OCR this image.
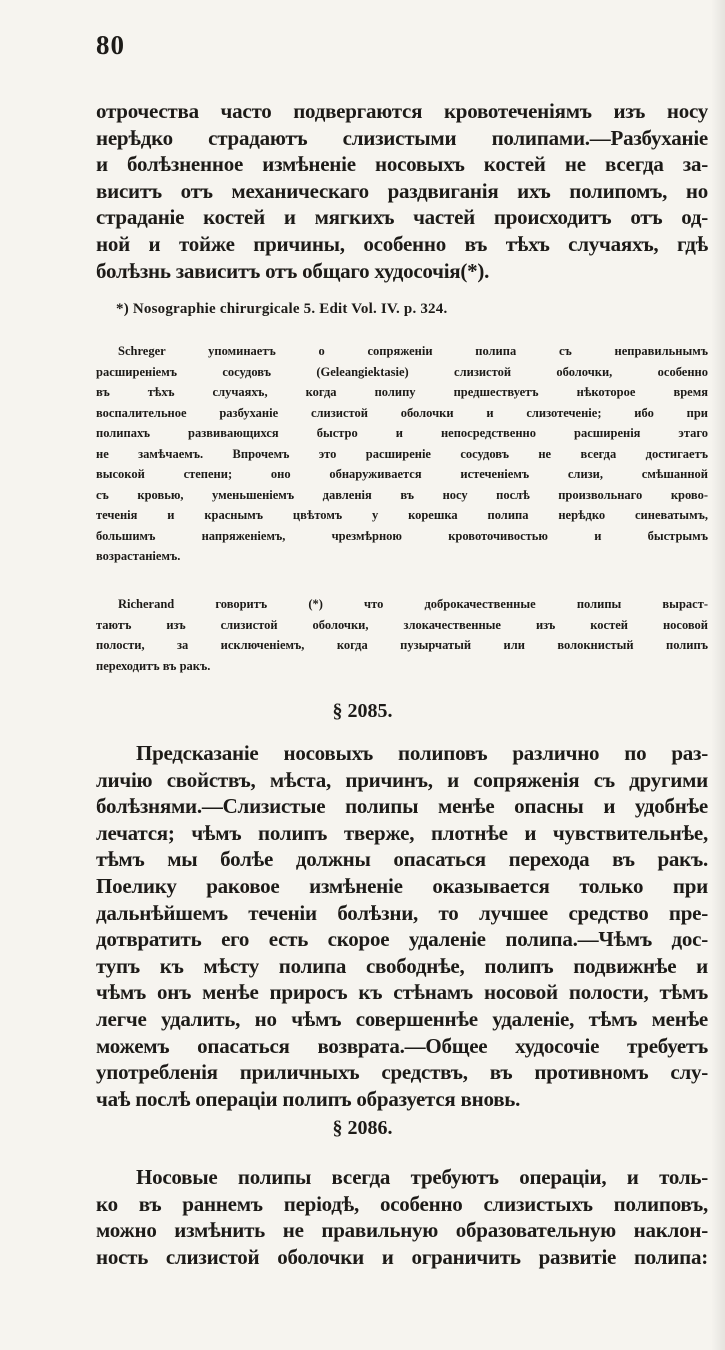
80
отрочества часто подвергаются кровотеченіямъ изъ носу
нерѣдко страдаютъ слизистыми полипами.—Разбуханіе
и болѣзненное измѣненіе носовыхъ костей не всегда за-
виситъ отъ механическаго раздвиганія ихъ полипомъ, но
страданіе костей и мягкихъ частей происходитъ отъ од-
ной и тойже причины, особенно въ тѣхъ случаяхъ, гдѣ
болѣзнь зависитъ отъ общаго худосочія(*).
*) Nosographie chirurgicale 5. Edit Vol. IV. p. 324.
Schreger упоминаетъ о сопряженіи полипа съ неправильнымъ
расширеніемъ сосудовъ (Geleangiektasie) слизистой оболочки, особенно
въ тѣхъ случаяхъ, когда полипу предшествуетъ нѣкоторое время
воспалительное разбуханіе слизистой оболочки и слизотеченіе; ибо при
полипахъ развивающихся быстро и непосредственно расширенія этаго
не замѣчаемъ. Впрочемъ это расширеніе сосудовъ не всегда достигаетъ
высокой степени; оно обнаруживается истеченіемъ слизи, смѣшанной
съ кровью, уменьшеніемъ давленія въ носу послѣ произвольнаго крово-
теченія и краснымъ цвѣтомъ у корешка полипа нерѣдко синеватымъ,
большимъ напряженіемъ, чрезмѣрною кровоточивостью и быстрымъ
возрастаніемъ.
Richerand говоритъ (*) что доброкачественные полипы выраст-
таютъ изъ слизистой оболочки, злокачественные изъ костей носовой
полости, за исключеніемъ, когда пузырчатый или волокнистый полипъ
переходитъ въ ракъ.
§ 2085.
Предсказаніе носовыхъ полиповъ различно по раз-
личію свойствъ, мѣста, причинъ, и сопряженія съ другими
болѣзнями.—Слизистые полипы менѣе опасны и удобнѣе
лечатся; чѣмъ полипъ тверже, плотнѣе и чувствительнѣе,
тѣмъ мы болѣе должны опасаться перехода въ ракъ.
Поелику раковое измѣненіе оказывается только при
дальнѣйшемъ теченіи болѣзни, то лучшее средство пре-
дотвратить его есть скорое удаленіе полипа.—Чѣмъ дос-
тупъ къ мѣсту полипа свободнѣе, полипъ подвижнѣе и
чѣмъ онъ менѣе приросъ къ стѣнамъ носовой полости, тѣмъ
легче удалить, но чѣмъ совершеннѣе удаленіе, тѣмъ менѣе
можемъ опасаться возврата.—Общее худосочіе требуетъ
употребленія приличныхъ средствъ, въ противномъ слу-
чаѣ послѣ операціи полипъ образуется вновь.
§ 2086.
Носовые полипы всегда требуютъ операціи, и толь-
ко въ раннемъ періодѣ, особенно слизистыхъ полиповъ,
можно измѣнить не правильную образовательную наклон-
ность слизистой оболочки и ограничить развитіе полипа:
